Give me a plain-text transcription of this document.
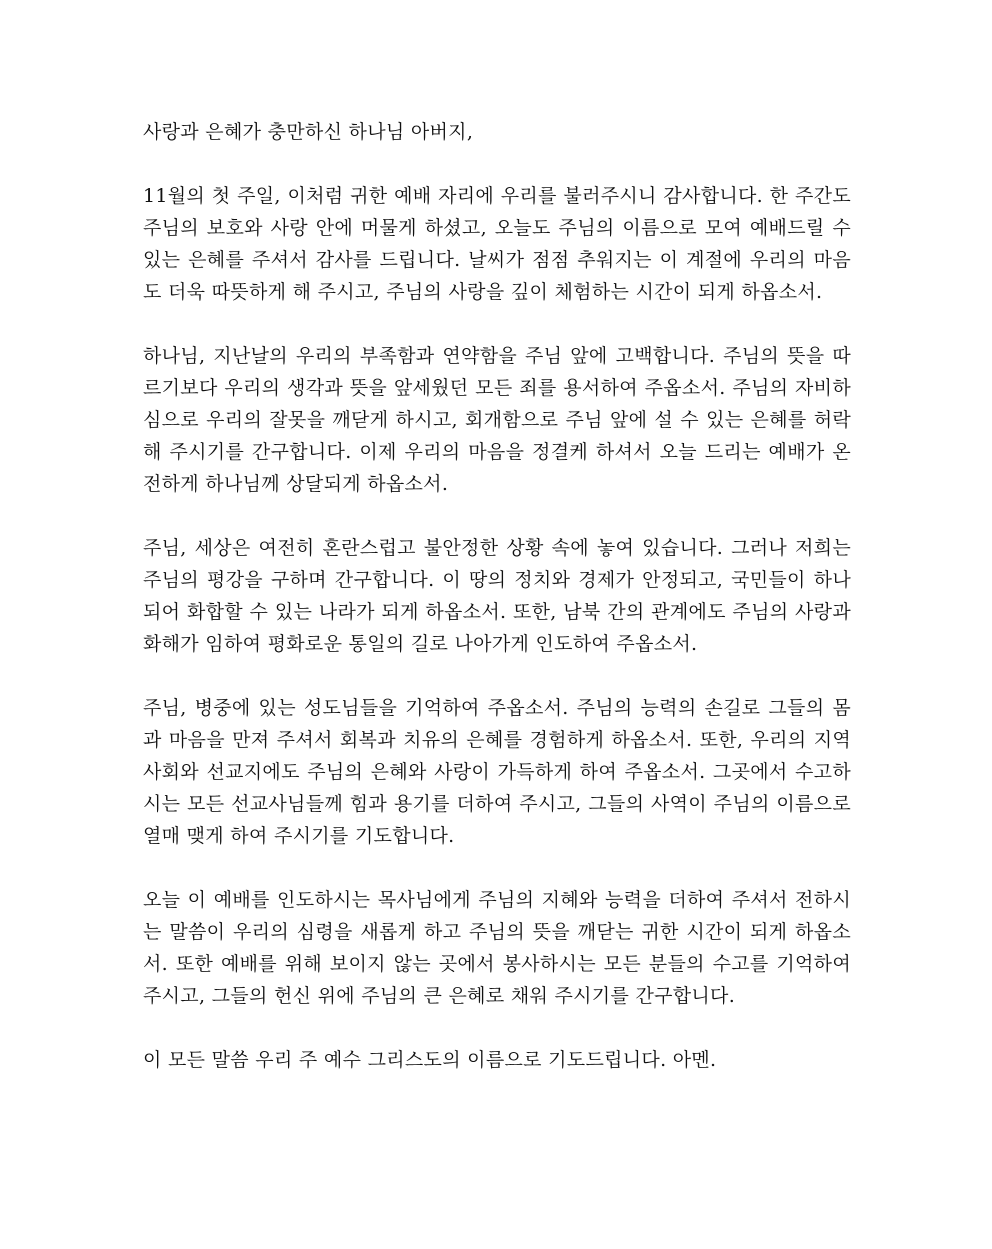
사랑과 은혜가 충만하신 하나님 아버지,

11월의 첫 주일, 이처럼 귀한 예배 자리에 우리를 불러주시니 감사합니다. 한 주간도 주님의 보호와 사랑 안에 머물게 하셨고, 오늘도 주님의 이름으로 모여 예배드릴 수 있는 은혜를 주셔서 감사를 드립니다. 날씨가 점점 추워지는 이 계절에 우리의 마음도 더욱 따뜻하게 해 주시고, 주님의 사랑을 깊이 체험하는 시간이 되게 하옵소서.

하나님, 지난날의 우리의 부족함과 연약함을 주님 앞에 고백합니다. 주님의 뜻을 따르기보다 우리의 생각과 뜻을 앞세웠던 모든 죄를 용서하여 주옵소서. 주님의 자비하심으로 우리의 잘못을 깨닫게 하시고, 회개함으로 주님 앞에 설 수 있는 은혜를 허락해 주시기를 간구합니다. 이제 우리의 마음을 정결케 하셔서 오늘 드리는 예배가 온전하게 하나님께 상달되게 하옵소서.

주님, 세상은 여전히 혼란스럽고 불안정한 상황 속에 놓여 있습니다. 그러나 저희는 주님의 평강을 구하며 간구합니다. 이 땅의 정치와 경제가 안정되고, 국민들이 하나 되어 화합할 수 있는 나라가 되게 하옵소서. 또한, 남북 간의 관계에도 주님의 사랑과 화해가 임하여 평화로운 통일의 길로 나아가게 인도하여 주옵소서.

주님, 병중에 있는 성도님들을 기억하여 주옵소서. 주님의 능력의 손길로 그들의 몸과 마음을 만져 주셔서 회복과 치유의 은혜를 경험하게 하옵소서. 또한, 우리의 지역사회와 선교지에도 주님의 은혜와 사랑이 가득하게 하여 주옵소서. 그곳에서 수고하시는 모든 선교사님들께 힘과 용기를 더하여 주시고, 그들의 사역이 주님의 이름으로 열매 맺게 하여 주시기를 기도합니다.

오늘 이 예배를 인도하시는 목사님에게 주님의 지혜와 능력을 더하여 주셔서 전하시는 말씀이 우리의 심령을 새롭게 하고 주님의 뜻을 깨닫는 귀한 시간이 되게 하옵소서. 또한 예배를 위해 보이지 않는 곳에서 봉사하시는 모든 분들의 수고를 기억하여 주시고, 그들의 헌신 위에 주님의 큰 은혜로 채워 주시기를 간구합니다.

이 모든 말씀 우리 주 예수 그리스도의 이름으로 기도드립니다. 아멘.
